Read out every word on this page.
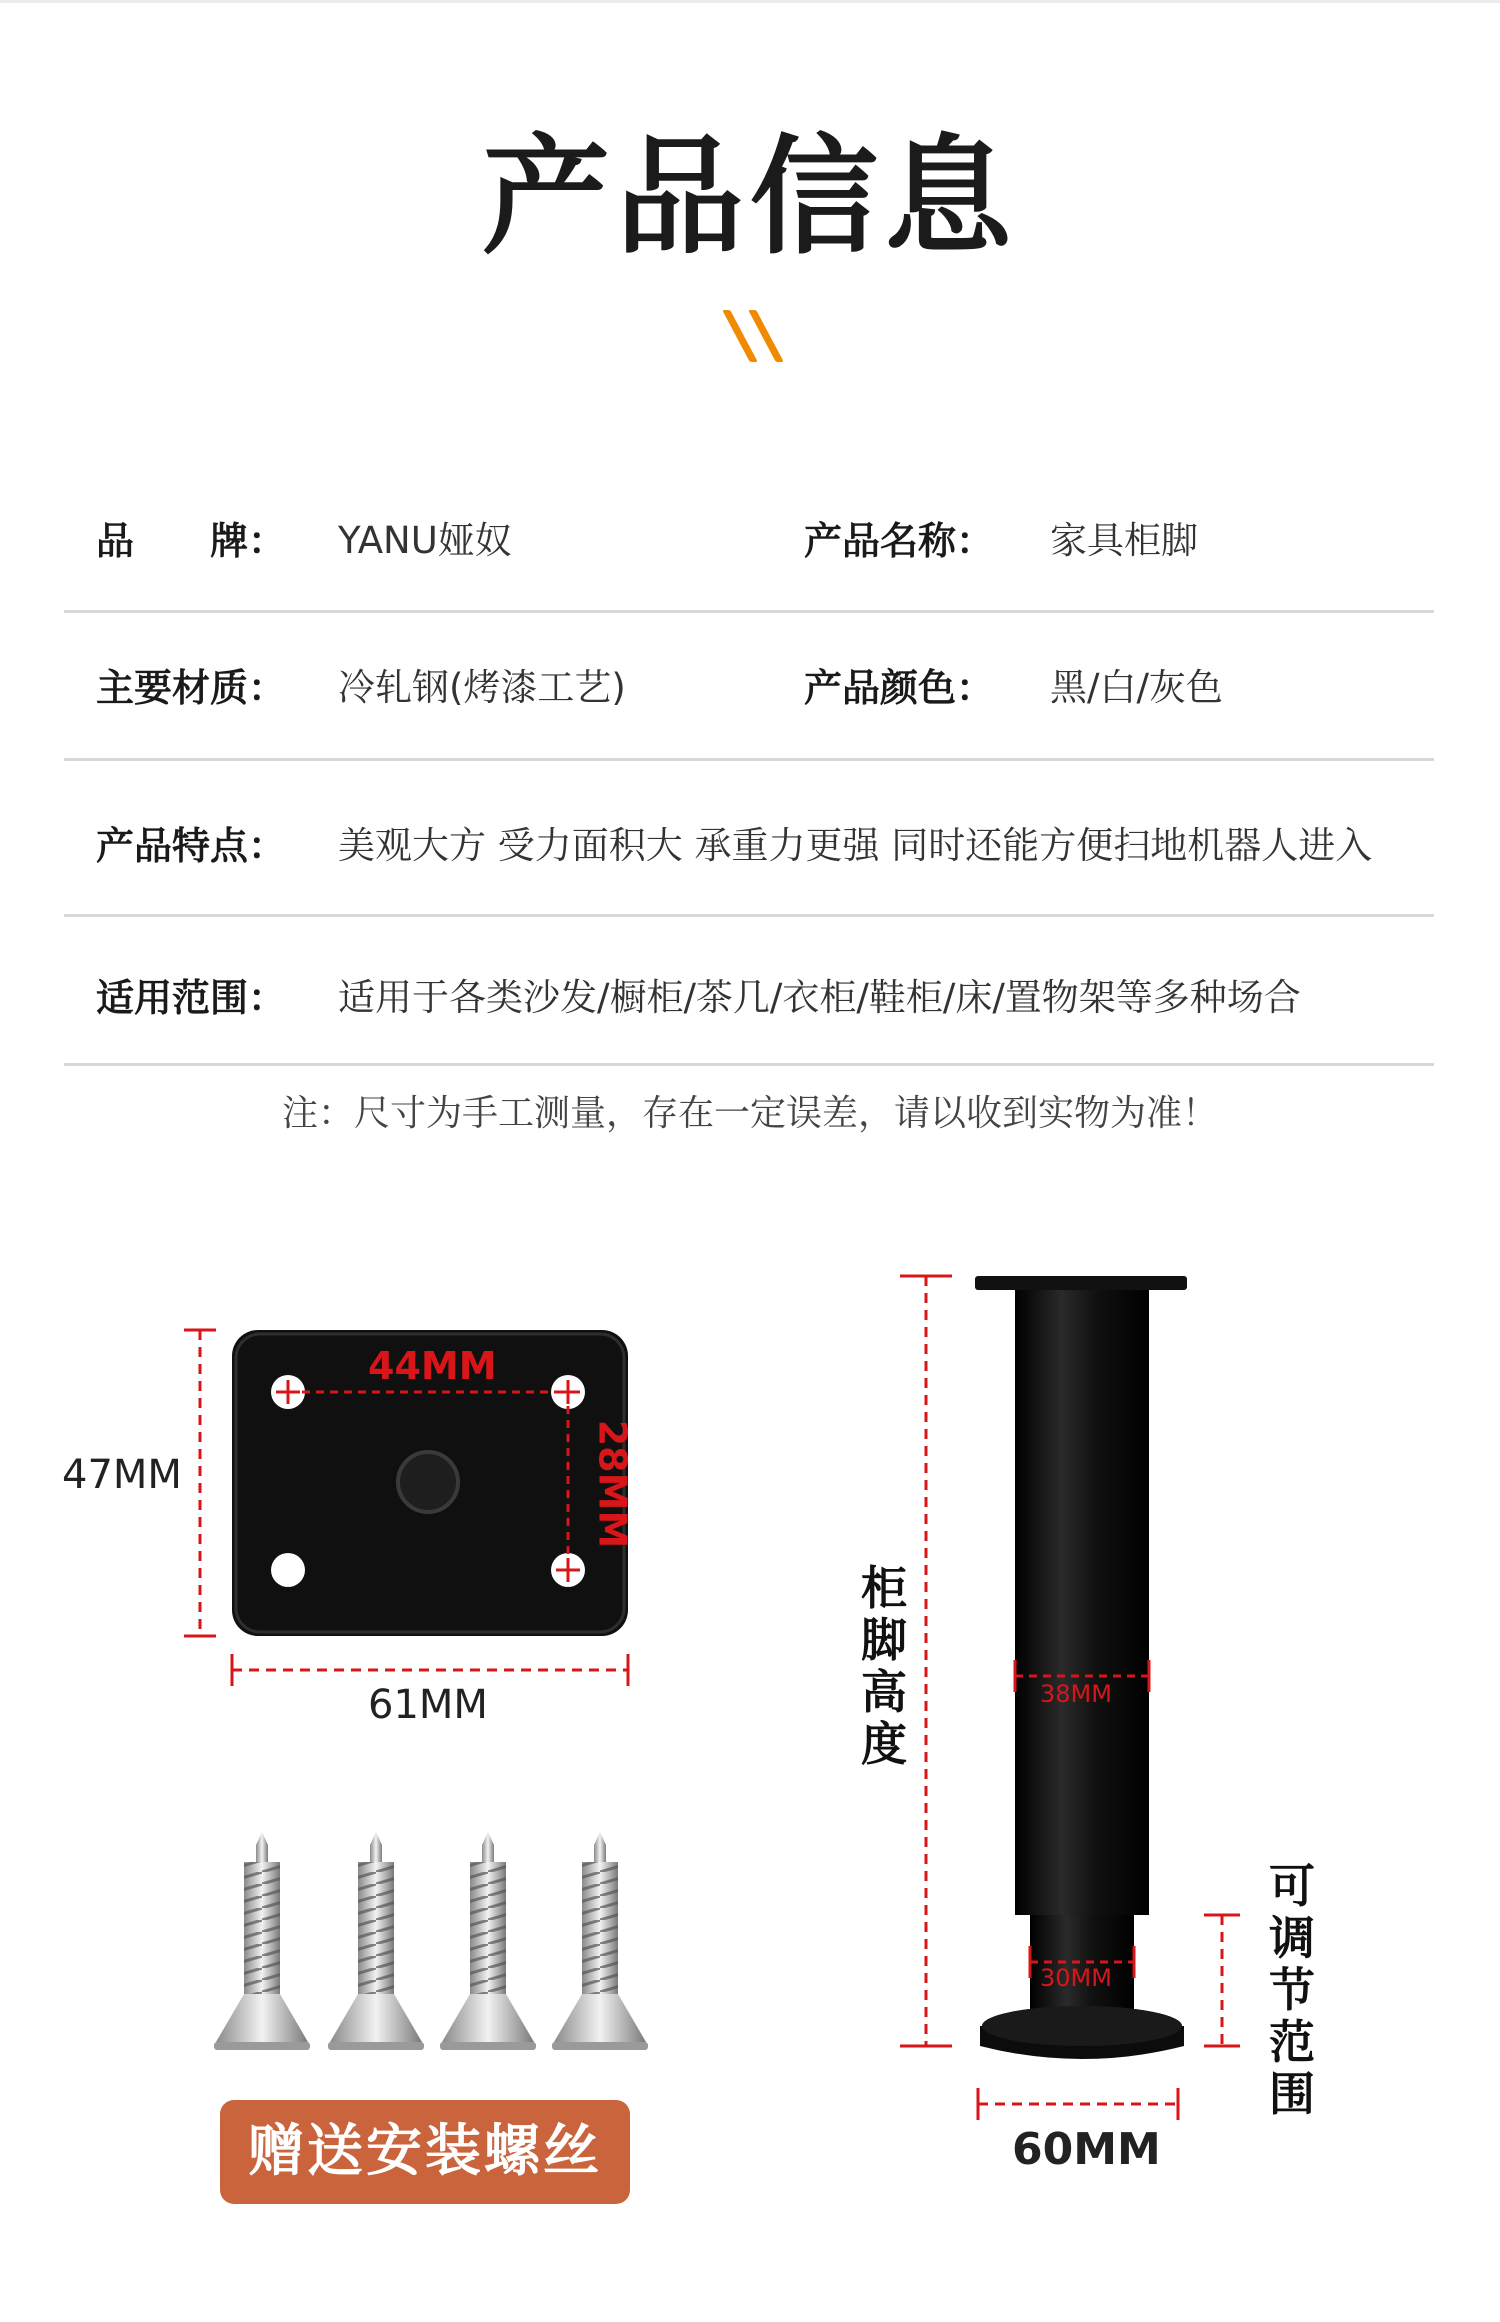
产品信息
品　　牌： YANU娅奴	产品名称： 家具柜脚
主要材质： 冷轧钢(烤漆工艺)	产品颜色： 黑/白/灰色
产品特点： 美观大方 受力面积大 承重力更强 同时还能方便扫地机器人进入
适用范围： 适用于各类沙发/橱柜/茶几/衣柜/鞋柜/床/置物架等多种场合
注：尺寸为手工测量，存在一定误差，请以收到实物为准！
47MM
61MM
44MM
28MM
柜脚高度
38MM
30MM
可调节范围
60MM
赠送安装螺丝
